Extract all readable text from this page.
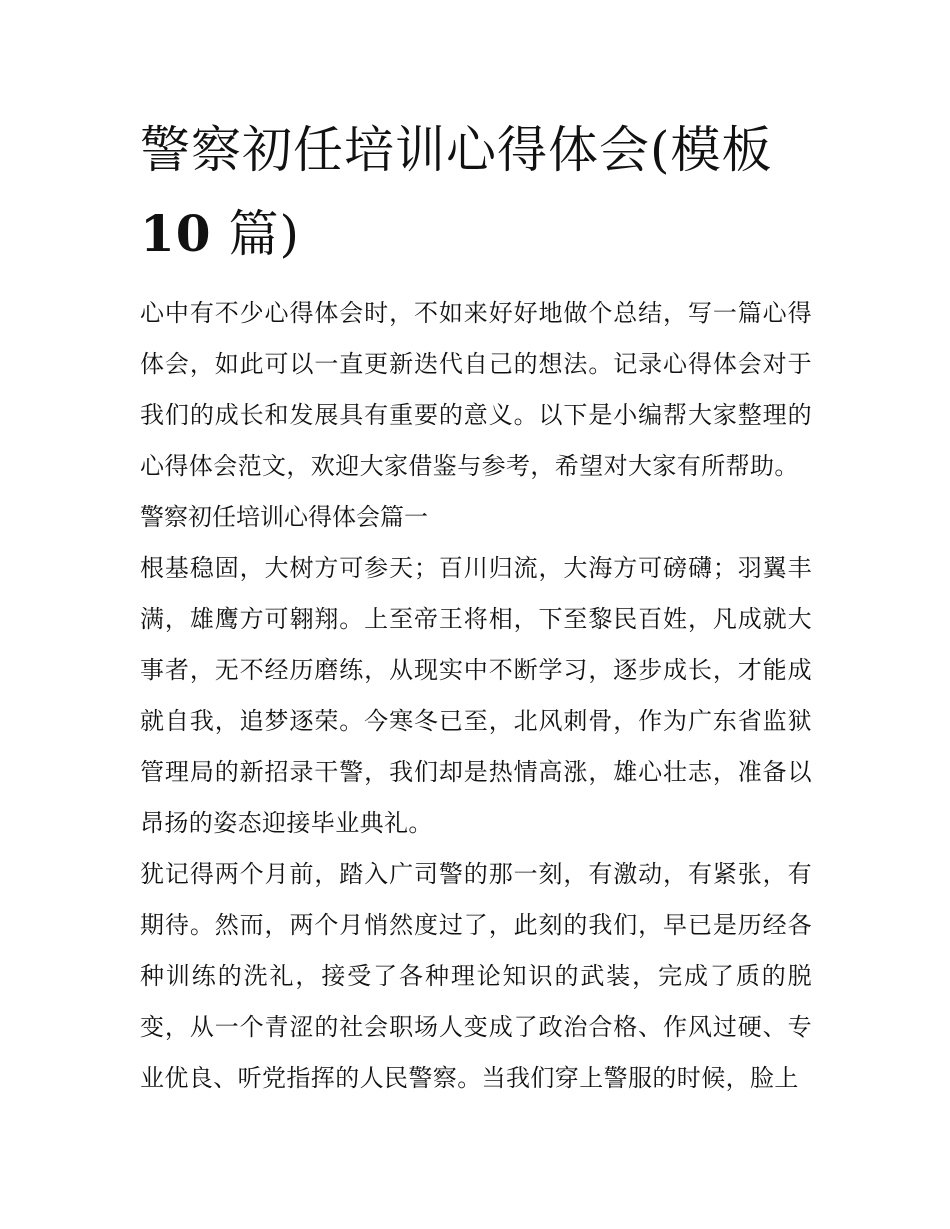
警察初任培训心得体会(模板
10 篇)

心中有不少心得体会时，不如来好好地做个总结，写一篇心得体会，如此可以一直更新迭代自己的想法。记录心得体会对于我们的成长和发展具有重要的意义。以下是小编帮大家整理的心得体会范文，欢迎大家借鉴与参考，希望对大家有所帮助。

警察初任培训心得体会篇一

根基稳固，大树方可参天；百川归流，大海方可磅礴；羽翼丰满，雄鹰方可翱翔。上至帝王将相，下至黎民百姓，凡成就大事者，无不经历磨练，从现实中不断学习，逐步成长，才能成就自我，追梦逐荣。今寒冬已至，北风刺骨，作为广东省监狱管理局的新招录干警，我们却是热情高涨，雄心壮志，准备以昂扬的姿态迎接毕业典礼。

犹记得两个月前，踏入广司警的那一刻，有激动，有紧张，有期待。然而，两个月悄然度过了，此刻的我们，早已是历经各种训练的洗礼，接受了各种理论知识的武装，完成了质的脱变，从一个青涩的社会职场人变成了政治合格、作风过硬、专业优良、听党指挥的人民警察。当我们穿上警服的时候，脸上
